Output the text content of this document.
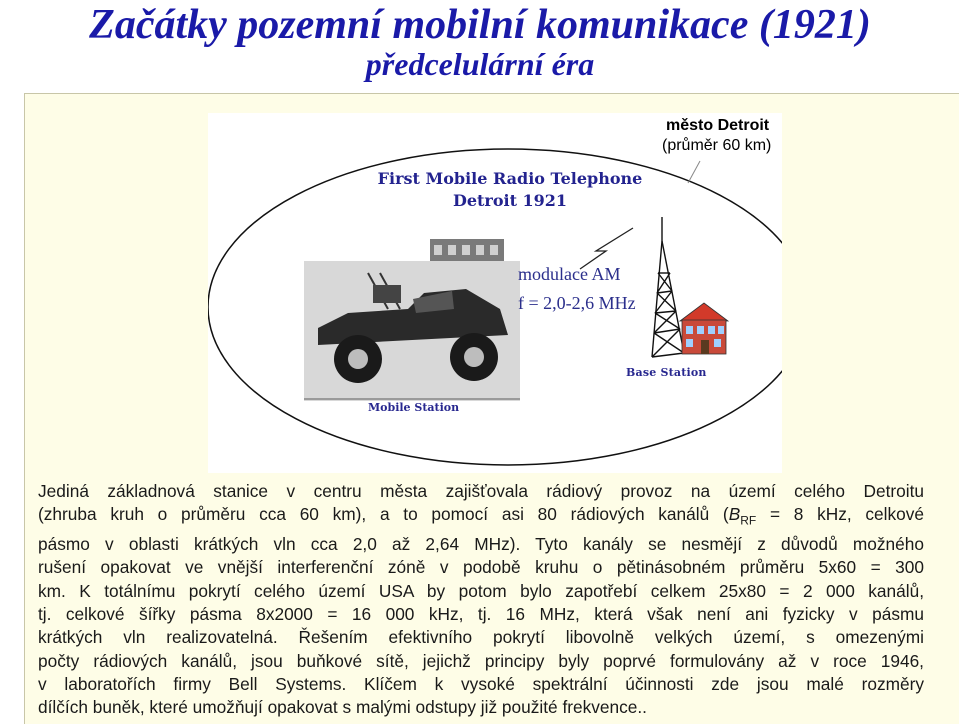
Začátky pozemní mobilní komunikace (1921)
předcelulární éra
město Detroit
(průměr 60 km)
First Mobile Radio Telephone
Detroit 1921
modulace AM
f = 2,0-2,6 MHz
Base Station
Mobile Station
Jediná základnová stanice v centru města zajišťovala rádiový provoz na území celého Detroitu
(zhruba kruh o průměru cca 60 km), a to pomocí asi 80 rádiových kanálů ($B_{RF} = 8$ kHz, celkové
pásmo v oblasti krátkých vln cca 2,0 až 2,64 MHz). Tyto kanály se nesmějí z důvodů možného
rušení opakovat ve vnější interferenční zóně v podobě kruhu o pětinásobném průměru 5x60 = 300
km. K totálnímu pokrytí celého území USA by potom bylo zapotřebí celkem 25x80 = 2 000 kanálů,
tj. celkové šířky pásma 8x2000 = 16 000 kHz, tj. 16 MHz, která však není ani fyzicky v pásmu
krátkých vln realizovatelná. Řešením efektivního pokrytí libovolně velkých území, s omezenými
počty rádiových kanálů, jsou buňkové sítě, jejichž principy byly poprvé formulovány až v roce 1946,
v laboratořích firmy Bell Systems. Klíčem k vysoké spektrální účinnosti zde jsou malé rozměry
dílčích buněk, které umožňují opakovat s malými odstupy již použité frekvence..
